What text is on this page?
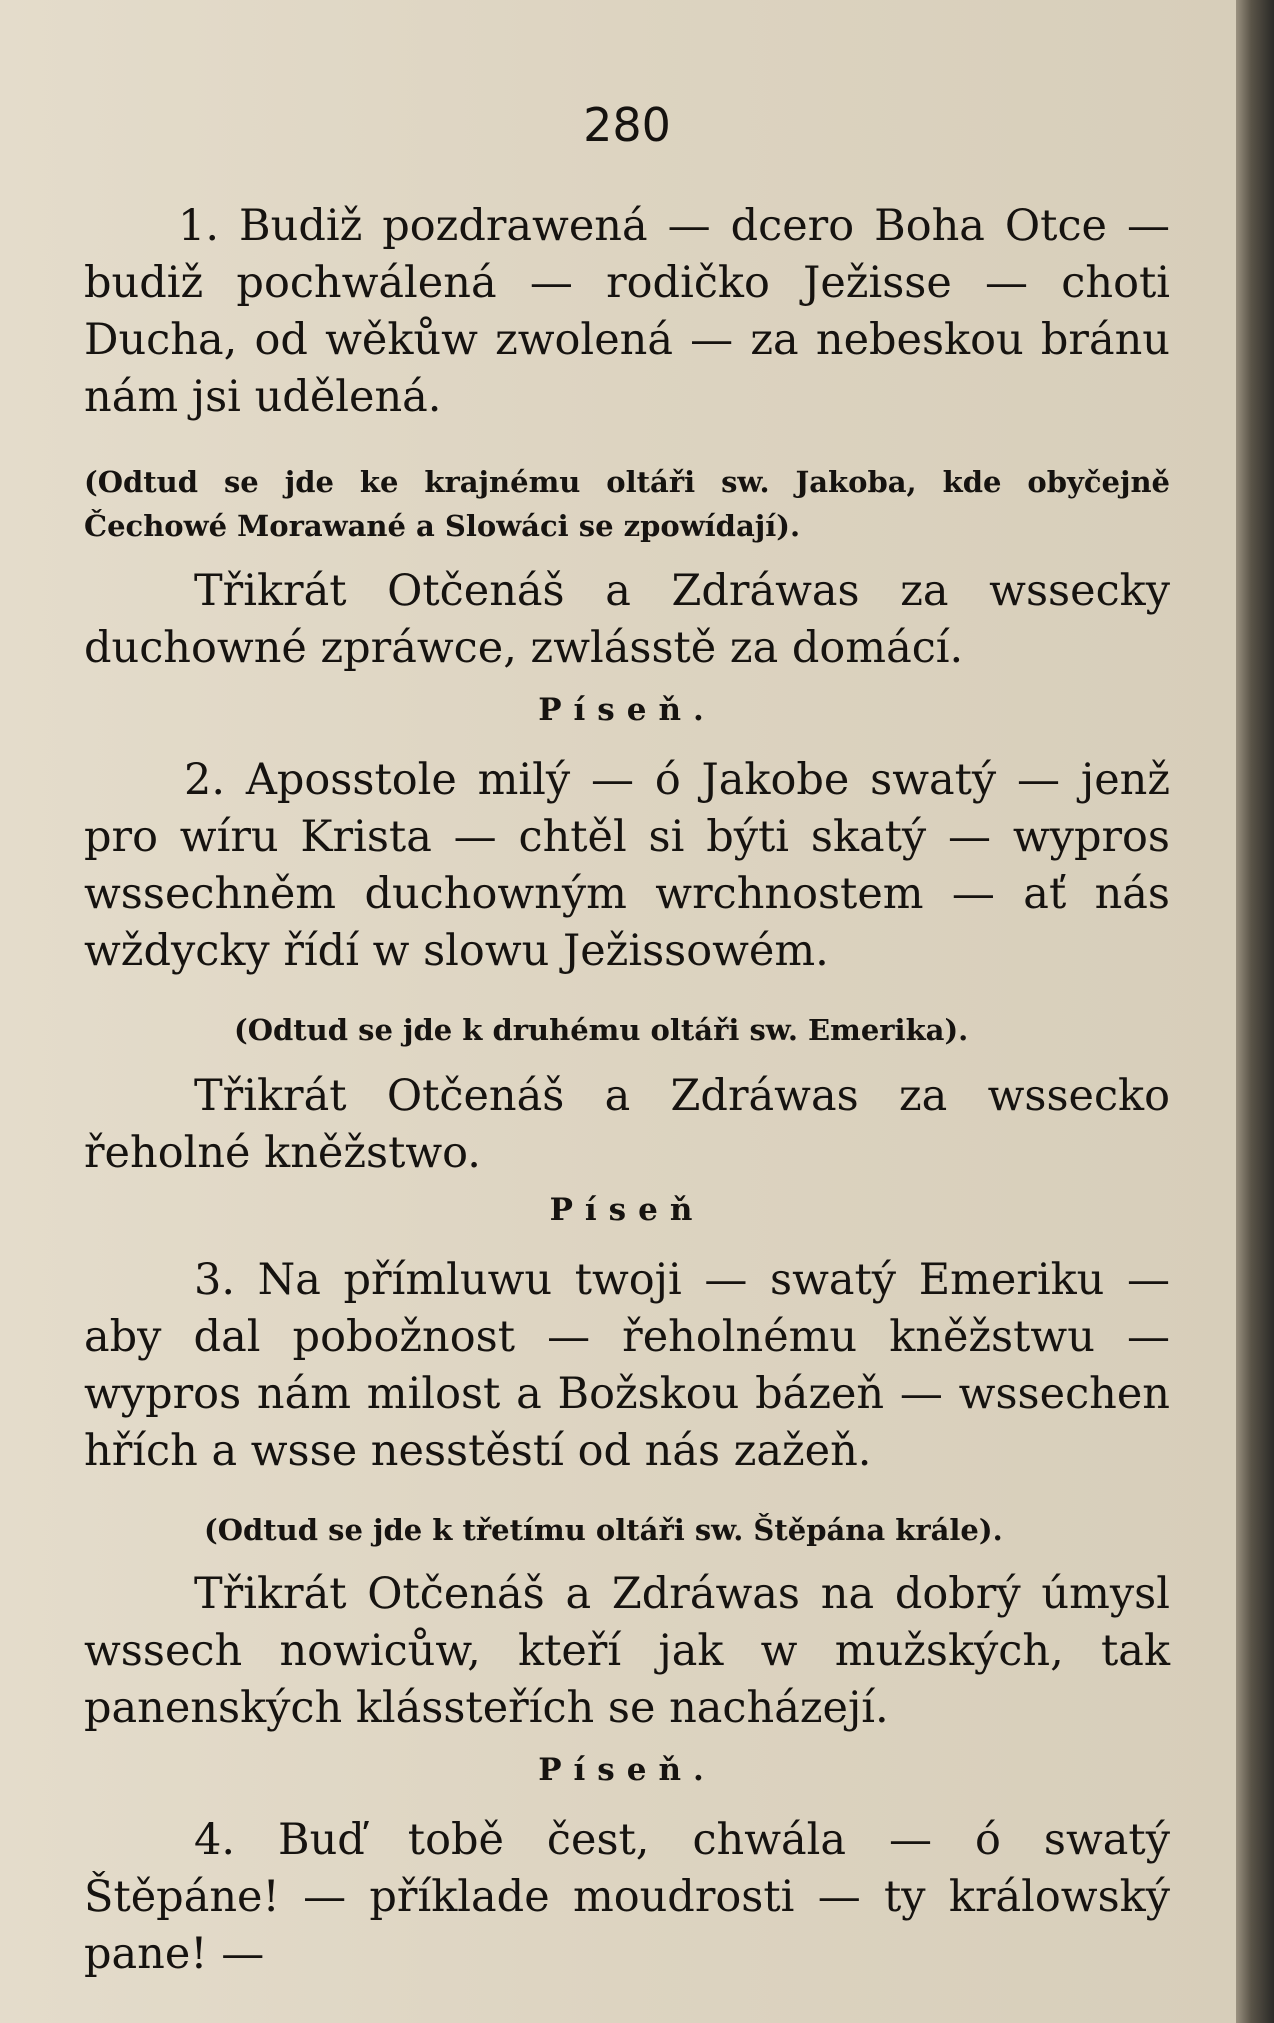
280

1. Budiž pozdrawená — dcero Boha Otce — budiž pochwálená — rodičko Ježisse — choti Ducha, od wěkůw zwolená — za nebeskou bránu nám jsi udělená.

(Odtud se jde ke krajnému oltáři sw. Jakoba, kde obyčejně Čechowé Morawané a Slowáci se zpowídají).

Třikrát Otčenáš a Zdráwas za wssecky duchowné zpráwce, zwlásstě za domácí.

Píseň.

2. Aposstole milý — ó Jakobe swatý — jenž pro wíru Krista — chtěl si býti skatý — wypros wssechněm duchowným wrchnostem — ať nás wždycky řídí w slowu Ježissowém.

(Odtud se jde k druhému oltáři sw. Emerika).

Třikrát Otčenáš a Zdráwas za wssecko řeholné kněžstwo.

Píseň

3. Na přímluwu twoji — swatý Emeriku — aby dal pobožnost — řeholnému kněžstwu — wypros nám milost a Božskou bázeň — wssechen hřích a wsse nesstěstí od nás zažeň.

(Odtud se jde k třetímu oltáři sw. Štěpána krále).

Třikrát Otčenáš a Zdráwas na dobrý úmysl wssech nowicůw, kteří jak w mužských, tak panenských klássteřích se nacházejí.

Píseň.

4. Buď tobě čest, chwála — ó swatý Štěpáne! — příklade moudrosti — ty králowský pane! —
